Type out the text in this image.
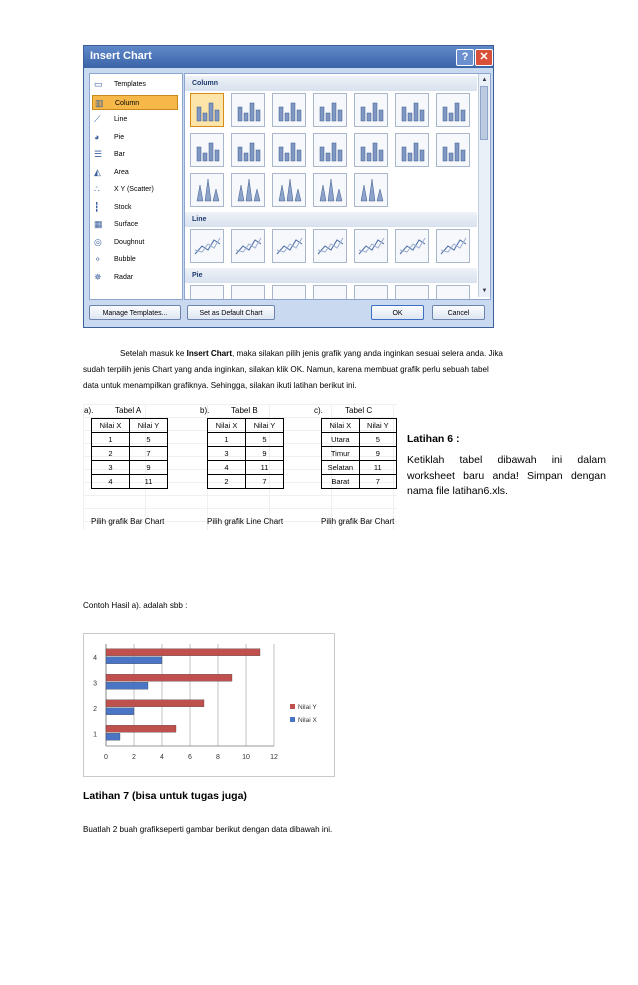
Insert Chart	?	✕
▭ Templates
▥ Column
⟋	Line
◕	Pie
☰ Bar
◭ Area
∴	X Y (Scatter)
┇	Stock
▦ Surface
◎ Doughnut
⚬ Bubble
✵ Radar
Column
Line
Pie
▲
▼
Manage Templates...	Set as Default Chart	OK	Cancel
Setelah masuk ke Insert Chart, maka silakan pilih jenis grafik yang anda inginkan sesuai selera anda. Jika
sudah terpilih jenis Chart yang anda inginkan, silakan klik OK. Namun, karena membuat grafik perlu sebuah tabel
data untuk menampilkan grafiknya. Sehingga, silakan ikuti latihan berikut ini.
a).	Tabel A
Nilai X	Nilai Y
1	5
2	7
3	9
4	11
Pilih grafik Bar Chart
b).	Tabel B
Nilai X	Nilai Y
1	5
3	9
4	11
2	7
Pilih grafik Line Chart
c).	Tabel C
Nilai X	Nilai Y
Utara	5
Timur	9
Selatan	11
Barat	7
Pilih grafik Bar Chart
Latihan 6 :
Ketiklah tabel dibawah ini dalam worksheet baru anda! Simpan dengan nama file latihan6.xls.
Contoh Hasil a). adalah sbb :
0	2	4	6	8	10	12
1
2
3
4
Nilai Y
Nilai X
Latihan 7 (bisa untuk tugas juga)
Buatlah 2 buah grafikseperti gambar berikut dengan data dibawah ini.
